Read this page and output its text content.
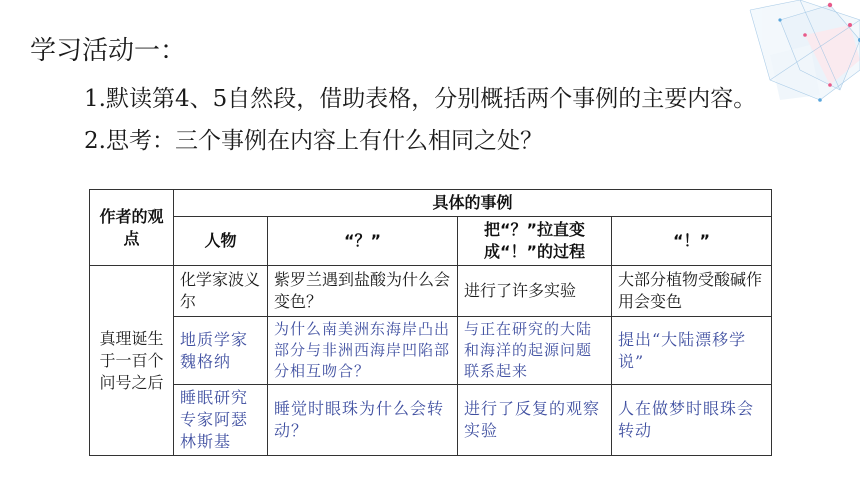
学习活动一：
1.默读第4、5自然段，借助表格，分别概括两个事例的主要内容。
2.思考：三个事例在内容上有什么相同之处？
作者的观点	具体的事例			
	人物	“？”	把“？”拉直变成“！”的过程	“！”
真理诞生于一百个问号之后	化学家波义尔	紫罗兰遇到盐酸为什么会变色？	进行了许多实验	大部分植物受酸碱作用会变色
	地质学家魏格纳	为什么南美洲东海岸凸出部分与非洲西海岸凹陷部分相互吻合？	与正在研究的大陆和海洋的起源问题联系起来	提出“大陆漂移学说”
	睡眠研究专家阿瑟林斯基	睡觉时眼珠为什么会转动？	进行了反复的观察实验	人在做梦时眼珠会转动
